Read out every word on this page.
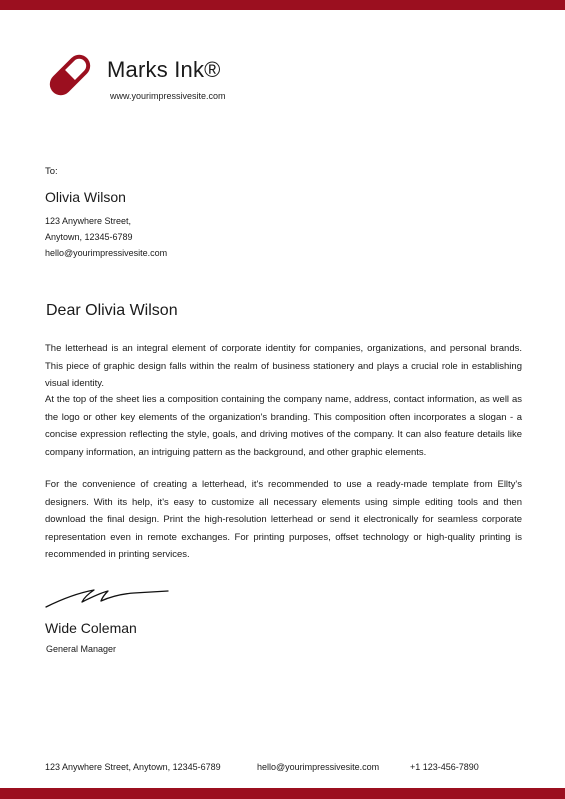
Marks Ink®
www.yourimpressivesite.com
To:
Olivia Wilson
123 Anywhere Street,
Anytown, 12345-6789
hello@yourimpressivesite.com
Dear Olivia Wilson
The letterhead is an integral element of corporate identity for companies, organizations, and personal brands. This piece of graphic design falls within the realm of business stationery and plays a crucial role in establishing visual identity.
At the top of the sheet lies a composition containing the company name, address, contact information, as well as the logo or other key elements of the organization's branding. This composition often incorporates a slogan - a concise expression reflecting the style, goals, and driving motives of the company. It can also feature details like company information, an intriguing pattern as the background, and other graphic elements.
For the convenience of creating a letterhead, it's recommended to use a ready-made template from Ellty's designers. With its help, it's easy to customize all necessary elements using simple editing tools and then download the final design. Print the high-resolution letterhead or send it electronically for seamless corporate representation even in remote exchanges. For printing purposes, offset technology or high-quality printing is recommended in printing services.
Wide Coleman
General Manager
123 Anywhere Street, Anytown, 12345-6789	hello@yourimpressivesite.com	+1 123-456-7890
